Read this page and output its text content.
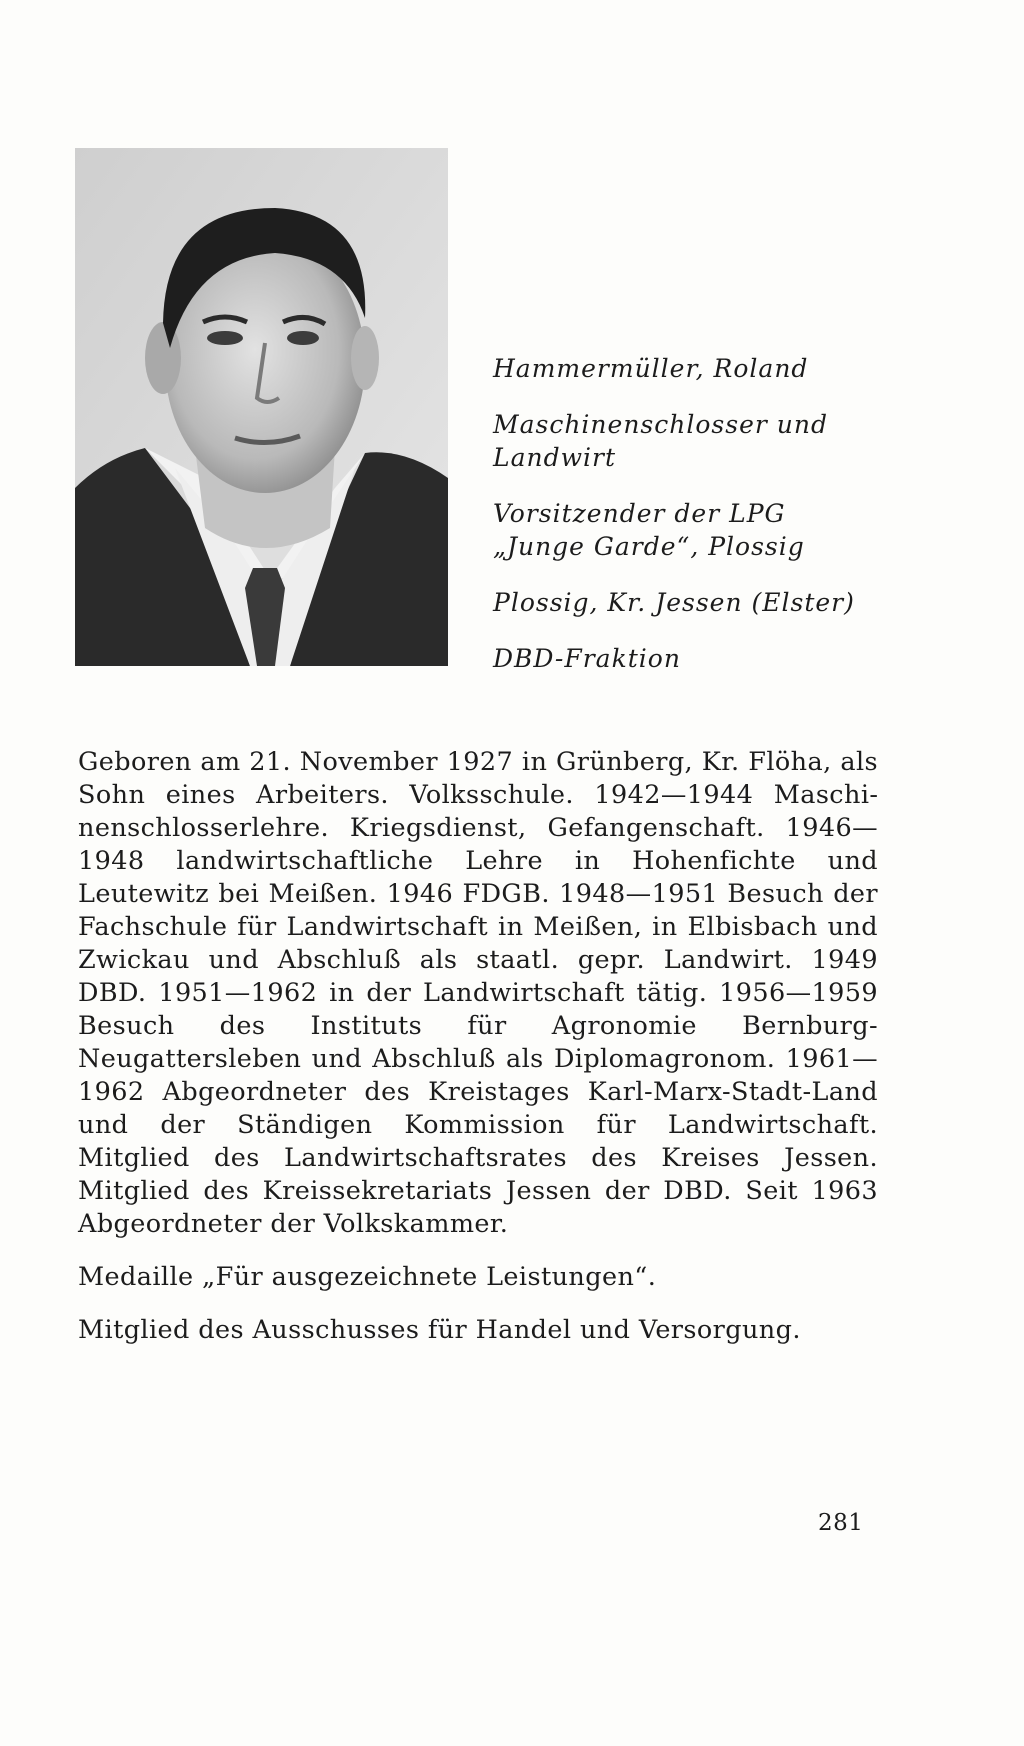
Hammermüller, Roland

Maschinenschlosser und
Landwirt

Vorsitzender der LPG
„Junge Garde“, Plossig

Plossig, Kr. Jessen (Elster)

DBD-Fraktion

Geboren am 21. November 1927 in Grünberg, Kr. Flöha, als Sohn eines Arbeiters. Volksschule. 1942—1944 Maschinenschlosserlehre. Kriegsdienst, Gefangenschaft. 1946—1948 landwirtschaftliche Lehre in Hohenfichte und Leutewitz bei Meißen. 1946 FDGB. 1948—1951 Besuch der Fachschule für Landwirtschaft in Meißen, in Elbisbach und Zwickau und Abschluß als staatl. gepr. Landwirt. 1949 DBD. 1951—1962 in der Landwirtschaft tätig. 1956—1959 Besuch des Instituts für Agronomie Bernburg-Neugattersleben und Abschluß als Diplomagronom. 1961—1962 Abgeordneter des Kreistages Karl-Marx-Stadt-Land und der Ständigen Kommission für Landwirtschaft. Mitglied des Landwirtschaftsrates des Kreises Jessen. Mitglied des Kreissekretariats Jessen der DBD. Seit 1963 Abgeordneter der Volkskammer.

Medaille „Für ausgezeichnete Leistungen“.

Mitglied des Ausschusses für Handel und Versorgung.

281
